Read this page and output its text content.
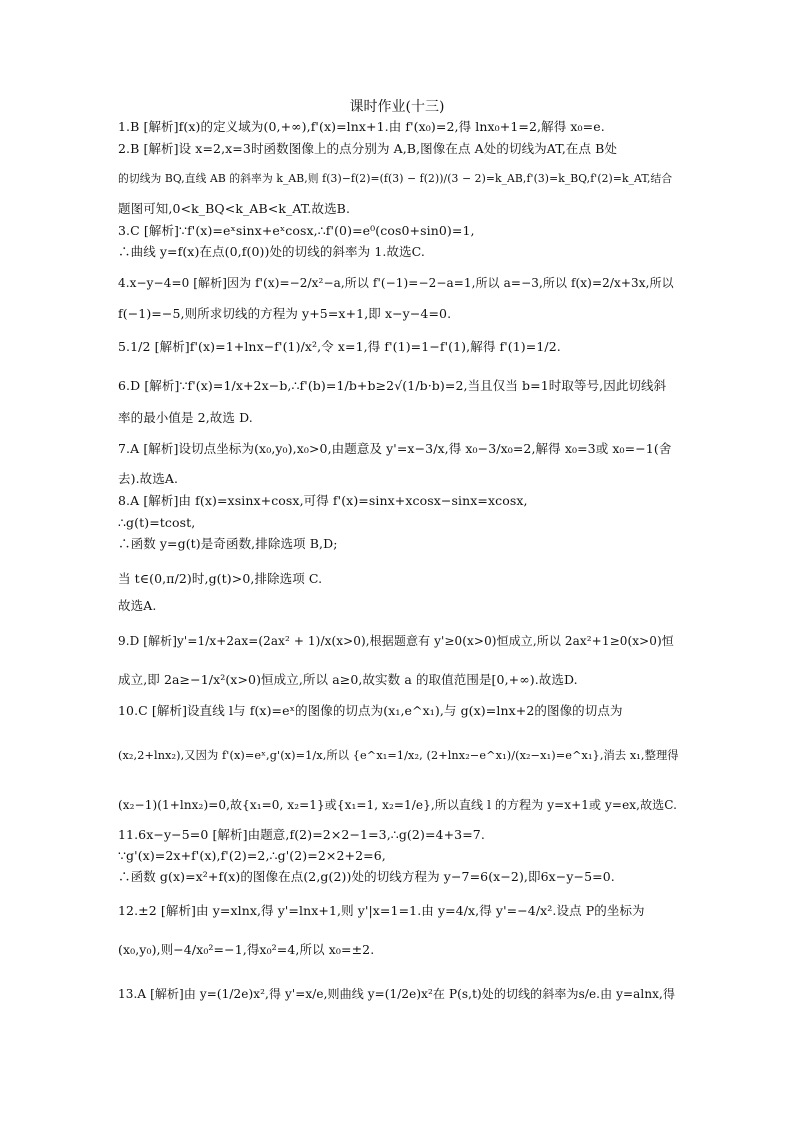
课时作业(十三)
1.B [解析]f(x)的定义域为(0,+∞),f'(x)=lnx+1.由 f'(x₀)=2,得 lnx₀+1=2,解得 x₀=e.
2.B [解析]设 x=2,x=3时函数图像上的点分别为 A,B,图像在点 A处的切线为AT,在点 B处
的切线为 BQ,直线 AB 的斜率为 k_AB,则 f(3)−f(2)=(f(3) − f(2))/(3 − 2)=k_AB,f'(3)=k_BQ,f'(2)=k_AT,结合
题图可知,0<k_BQ<k_AB<k_AT.故选B.
3.C [解析]∵f'(x)=eˣsinx+eˣcosx,∴f'(0)=e⁰(cos0+sin0)=1,
∴曲线 y=f(x)在点(0,f(0))处的切线的斜率为 1.故选C.
4.x−y−4=0 [解析]因为 f'(x)=−2/x²−a,所以 f'(−1)=−2−a=1,所以 a=−3,所以 f(x)=2/x+3x,所以
f(−1)=−5,则所求切线的方程为 y+5=x+1,即 x−y−4=0.
5.1/2 [解析]f'(x)=1+lnx−f'(1)/x²,令 x=1,得 f'(1)=1−f'(1),解得 f'(1)=1/2.
6.D [解析]∵f'(x)=1/x+2x−b,∴f'(b)=1/b+b≥2√(1/b·b)=2,当且仅当 b=1时取等号,因此切线斜
率的最小值是 2,故选 D.
7.A [解析]设切点坐标为(x₀,y₀),x₀>0,由题意及 y'=x−3/x,得 x₀−3/x₀=2,解得 x₀=3或 x₀=−1(舍
去).故选A.
8.A [解析]由 f(x)=xsinx+cosx,可得 f'(x)=sinx+xcosx−sinx=xcosx,
∴g(t)=tcost,
∴函数 y=g(t)是奇函数,排除选项 B,D;
当 t∈(0,π/2)时,g(t)>0,排除选项 C.
故选A.
9.D [解析]y'=1/x+2ax=(2ax² + 1)/x(x>0),根据题意有 y'≥0(x>0)恒成立,所以 2ax²+1≥0(x>0)恒
成立,即 2a≥−1/x²(x>0)恒成立,所以 a≥0,故实数 a 的取值范围是[0,+∞).故选D.
10.C [解析]设直线 l与 f(x)=eˣ的图像的切点为(x₁,e^x₁),与 g(x)=lnx+2的图像的切点为
(x₂,2+lnx₂),又因为 f'(x)=eˣ,g'(x)=1/x,所以 {e^x₁=1/x₂, (2+lnx₂−e^x₁)/(x₂−x₁)=e^x₁},消去 x₁,整理得
(x₂−1)(1+lnx₂)=0,故{x₁=0, x₂=1}或{x₁=1, x₂=1/e},所以直线 l 的方程为 y=x+1或 y=ex,故选C.
11.6x−y−5=0 [解析]由题意,f(2)=2×2−1=3,∴g(2)=4+3=7.
∵g'(x)=2x+f'(x),f'(2)=2,∴g'(2)=2×2+2=6,
∴函数 g(x)=x²+f(x)的图像在点(2,g(2))处的切线方程为 y−7=6(x−2),即6x−y−5=0.
12.±2 [解析]由 y=xlnx,得 y'=lnx+1,则 y'|x=1=1.由 y=4/x,得 y'=−4/x².设点 P的坐标为
(x₀,y₀),则−4/x₀²=−1,得x₀²=4,所以 x₀=±2.
13.A [解析]由 y=(1/2e)x²,得 y'=x/e,则曲线 y=(1/2e)x²在 P(s,t)处的切线的斜率为s/e.由 y=alnx,得
